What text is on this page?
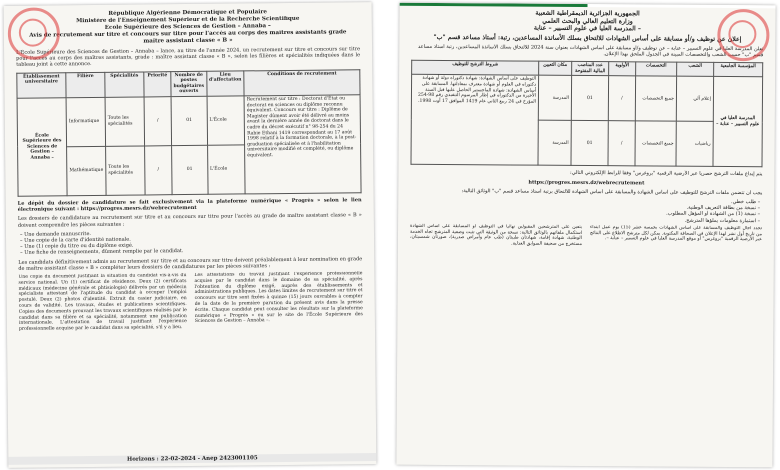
République Algérienne Démocratique et Populaire
Ministère de l'Enseignement Supérieur et de la Recherche Scientifique
École Supérieure des Sciences de Gestion – Annaba –
Avis de recrutement sur titre et concours sur titre pour l'accès au corps des maîtres assistants grade
maître assistant classe « B »
L'École Supérieure des Sciences de Gestion – Annaba – lance, au titre de l'année 2024, un recrutement sur titre et concours sur titre pour l'accès au corps des maîtres assistants, grade : maître assistant classe « B », selon les filières et spécialités indiquées dans le tableau joint à cette annonce.
Établissement universitaire	Filière	Spécialités	Priorité	Nombre de postes budgétaires ouverts	Lieu d'affectation	Conditions de recrutement
École Supérieure des Sciences de Gestion – Annaba –	Informatique	Toute les spécialités	/	01	L'École	Recrutement sur titre : Doctorat d'État ou doctorat en sciences ou diplôme reconnu équivalent. Concours sur titre : Diplôme de Magister dûment avoir été délivré au moins avant la dernière année de doctorat dans le cadre du décret exécutif n° 98-254 du 24 Rabie Ethani 1419 correspondant au 17 août 1998 relatif à la formation doctorale, à la post-graduation spécialisée et à l'habilitation universitaire modifié et complété, ou diplôme équivalent.
	Mathématique	Toute les spécialités	/	01	L'École	
Le dépôt du dossier de candidature se fait exclusivement via la plateforme numérique « Progrès » selon le lien électronique suivant : https://progres.mesrs.dz/webrecrutement
Les dossiers de candidature au recrutement sur titre et au concours sur titre pour l'accès au grade de maître assistant classe « B » doivent comprendre les pièces suivantes :
– Une demande manuscrite.
– Une copie de la carte d'identité nationale.
– Une (1) copie du titre ou du diplôme exigé.
– Une fiche de renseignements, dûment remplie par le candidat.
Les candidats définitivement admis au recrutement sur titre et au concours sur titre doivent préalablement à leur nomination en grade de maître assistant classe « B » compléter leurs dossiers de candidatures par les pièces suivantes :
Une copie du document justifiant la situation du candidat vis-à-vis du service national. Un (1) certificat de résidence. Deux (2) certificats médicaux (médecine générale et phtisiologie) délivrés par un médecin spécialiste attestant de l'aptitude du candidat à occuper l'emploi postulé. Deux (2) photos d'identité. Extrait du casier judiciaire, en cours de validité. Les travaux, études et publications scientifiques. Copies des documents prouvant les travaux scientifiques réalisés par le candidat dans sa filière et sa spécialité, notamment une publication internationale. L'attestation de travail justifiant l'expérience professionnelle acquise par le candidat dans sa spécialité, s'il y a lieu.
Les attestations du travail justifiant l'expérience professionnelle acquise par le candidat dans le domaine de sa spécialité, après l'obtention du diplôme exigé, auprès des établissements et administrations publiques. Les dates limites de recrutement sur titre et concours sur titre sont fixées à quinze (15) jours ouvrables à compter de la date de la première parution du présent avis dans la presse écrite. Chaque candidat peut consulter les résultats sur la plateforme numérique « Progrès » ou sur le site de l'École Supérieure des Sciences de Gestion – Annaba –.
Horizons : 22-02-2024 - Anep 2423001105
الجمهورية الجزائرية الديمقراطية الشعبية
وزارة التعليم العالي والبحث العلمي
المدرسة العليا في علوم التسيير – عنابة –
إعلان عن توظيف و/أو مسابقة على أساس الشهادات للالتحاق بسلك الأساتذة المساعدين، رتبة: أستاذ مساعد قسم "ب"
تعلن المدرسة العليا في علوم التسيير – عنابة – عن توظيف و/أو مسابقة على أساس الشهادات بعنوان سنة 2024 للالتحاق بسلك الأساتذة المساعدين، رتبة أستاذ مساعد قسم "ب" حسب الشعب والتخصصات المبينة في الجدول الملحق بهذا الإعلان.
المؤسسة الجامعية	الشعب	التخصصات	الأولوية	عدد المناصب المالية المفتوحة	مكان التعيين	شروط الترشح للتوظيف
المدرسة العليا في علوم التسيير – عنابة –	إعلام آلي	جميع التخصصات	/	01	المدرسة	التوظيف على أساس الشهادة: شهادة دكتوراه دولة أو شهادة دكتوراه في العلوم أو شهادة معترف بمعادلتها. المسابقة على أساس الشهادة: شهادة الماجستير الحاصل عليها قبل السنة الأخيرة من الدكتوراه في إطار المرسوم التنفيذي رقم 98-254 المؤرخ في 24 ربيع الثاني عام 1419 الموافق 17 أوت 1998.
	رياضيات	جميع التخصصات	/	01	المدرسة	
يتم إيداع ملفات الترشح حصريا عبر الأرضية الرقمية "بروغرس" وفقا للرابط الإلكتروني التالي:
https://progres.mesrs.dz/webrecrutement
يجب أن تتضمن ملفات الترشح للتوظيف على أساس الشهادة والمسابقة على أساس الشهادة للالتحاق برتبة أستاذ مساعد قسم "ب" الوثائق التالية:
– طلب خطي.
– نسخة من بطاقة التعريف الوطنية.
– نسخة (1) من الشهادة أو المؤهل المطلوب.
– استمارة معلومات يملؤها المترشح.
تحدد آجال التوظيف والمسابقة على أساس الشهادات بخمسة عشر (15) يوم عمل ابتداء من تاريخ أول نشر لهذا الإعلان في الصحافة المكتوبة. يمكن لكل مترشح الاطلاع على النتائج عبر الأرضية الرقمية "بروغرس" أو موقع المدرسة العليا في علوم التسيير – عنابة –.
يتعين على المترشحين المقبولين نهائيا في التوظيف أو المسابقة على أساس الشهادة استكمال ملفاتهم بالوثائق التالية: نسخة من الوثيقة التي تثبت وضعية المترشح تجاه الخدمة الوطنية، شهادة إقامة، شهادتان طبيتان (طب عام وأمراض صدرية)، صورتان شمسيتان، مستخرج من صحيفة السوابق العدلية.
